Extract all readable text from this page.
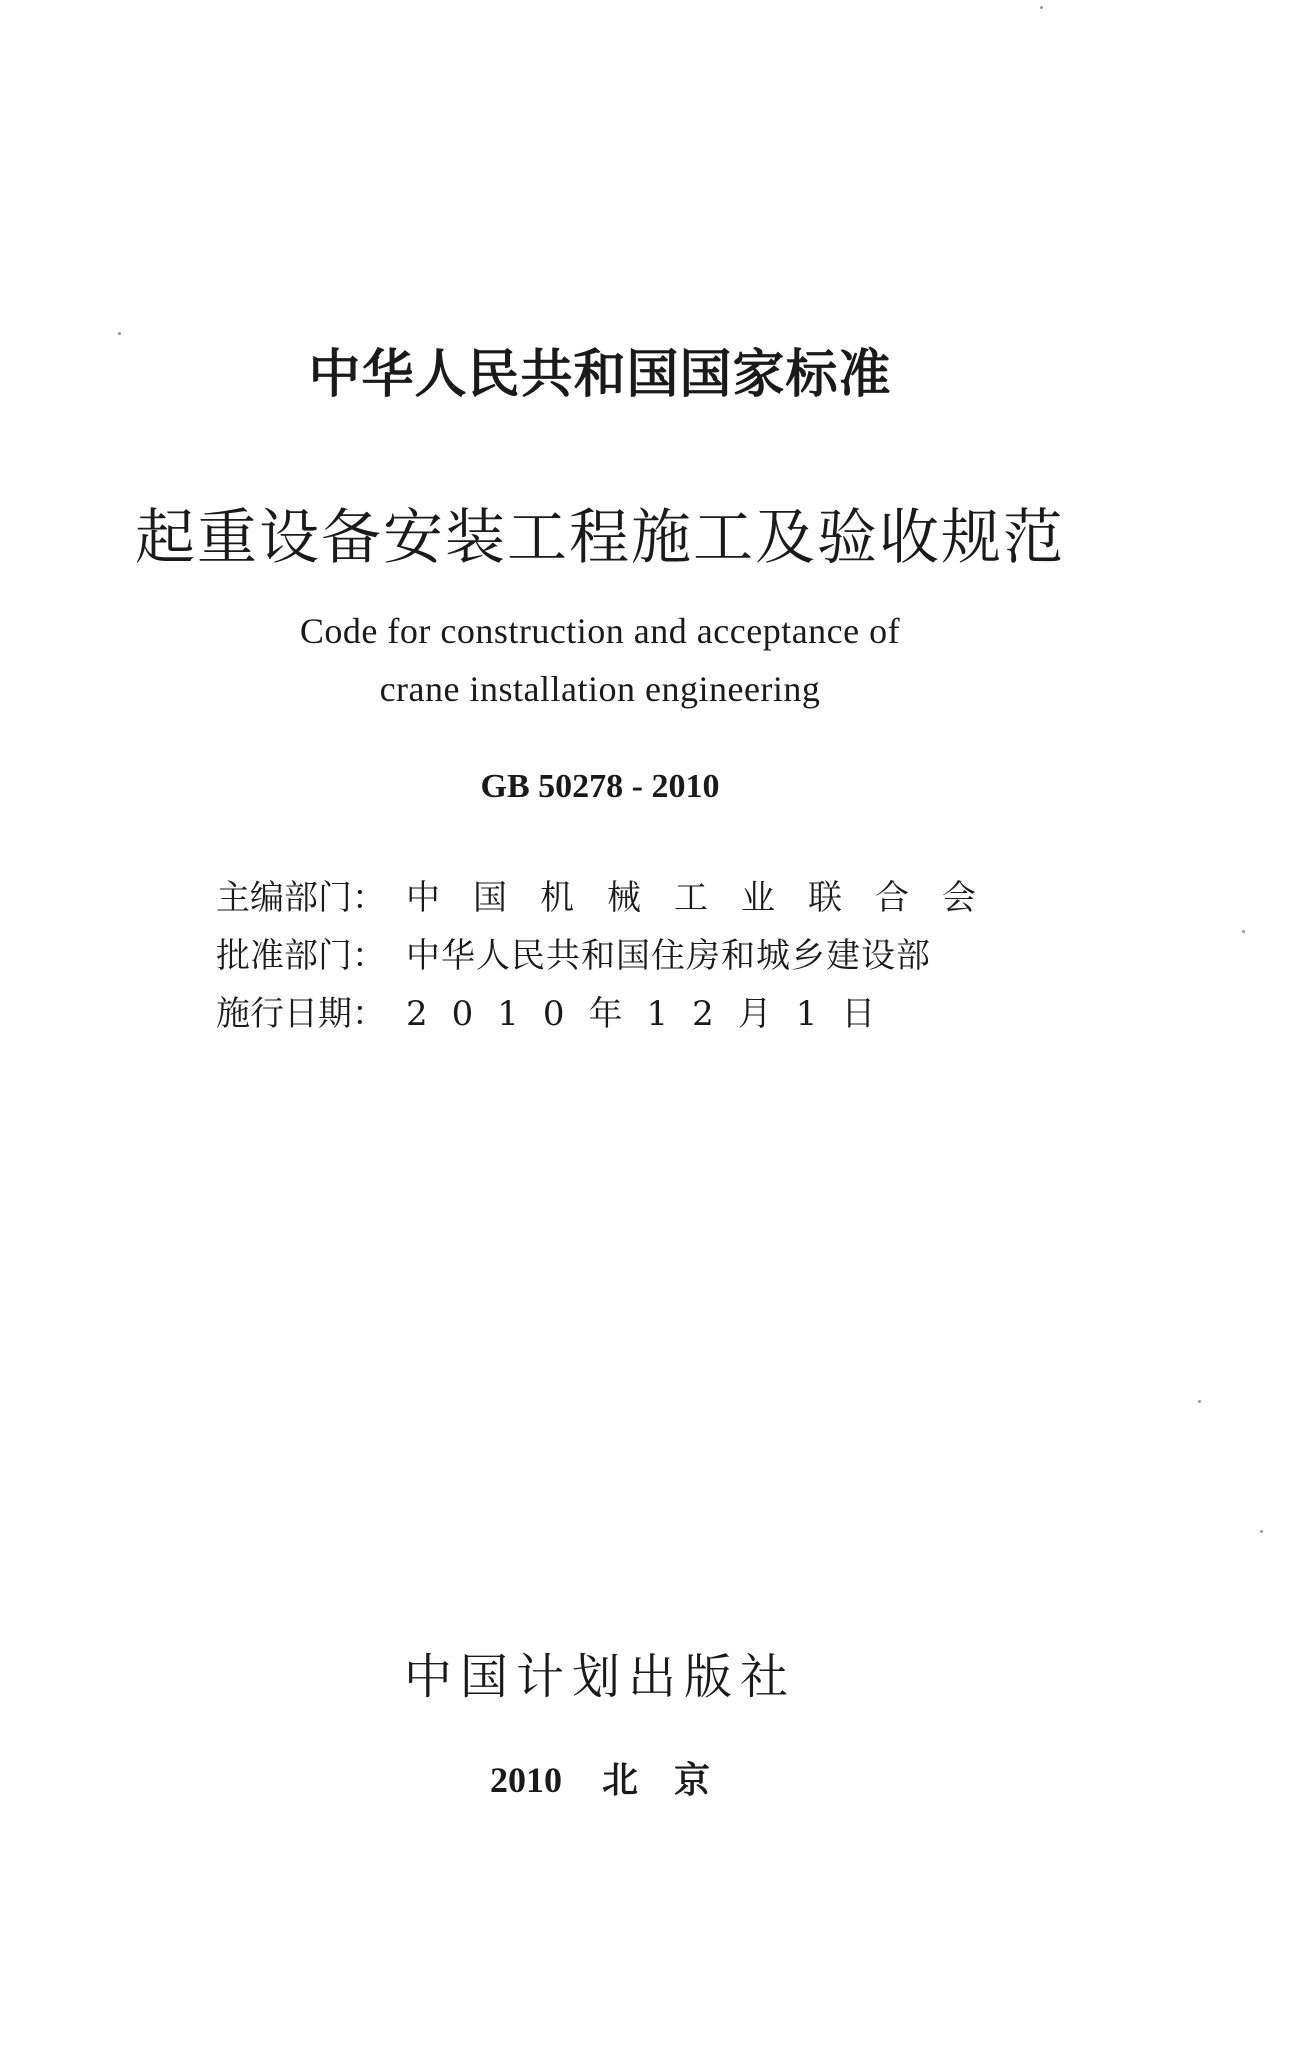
中华人民共和国国家标准
起重设备安装工程施工及验收规范
Code for construction and acceptance of
crane installation engineering
GB 50278 - 2010
主编部门： 中国机械工业联合会
批准部门： 中华人民共和国住房和城乡建设部
施行日期： 2010年12月1日
中国计划出版社
2010 北　京
